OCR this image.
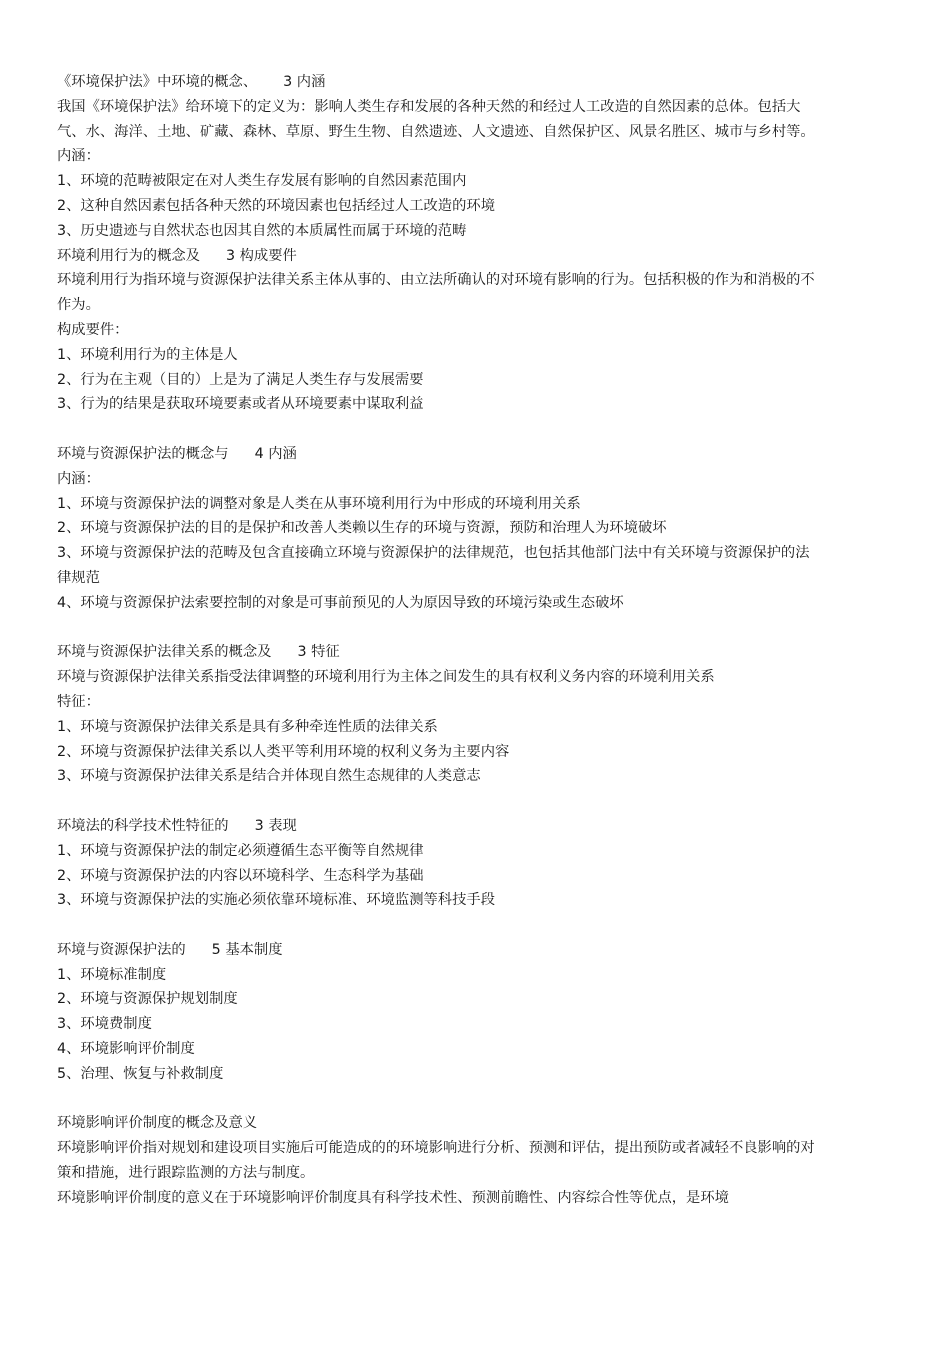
《环境保护法》中环境的概念、 3 内涵
我国《环境保护法》给环境下的定义为：影响人类生存和发展的各种天然的和经过人工改造的自然因素的总体。包括大气、水、海洋、土地、矿藏、森林、草原、野生生物、自然遗迹、人文遗迹、自然保护区、风景名胜区、城市与乡村等。
内涵：
1、环境的范畴被限定在对人类生存发展有影响的自然因素范围内
2、这种自然因素包括各种天然的环境因素也包括经过人工改造的环境
3、历史遗迹与自然状态也因其自然的本质属性而属于环境的范畴
环境利用行为的概念及 3 构成要件
环境利用行为指环境与资源保护法律关系主体从事的、由立法所确认的对环境有影响的行为。包括积极的作为和消极的不作为。
构成要件：
1、环境利用行为的主体是人
2、行为在主观（目的）上是为了满足人类生存与发展需要
3、行为的结果是获取环境要素或者从环境要素中谋取利益
环境与资源保护法的概念与 4 内涵
内涵：
1、环境与资源保护法的调整对象是人类在从事环境利用行为中形成的环境利用关系
2、环境与资源保护法的目的是保护和改善人类赖以生存的环境与资源，预防和治理人为环境破坏
3、环境与资源保护法的范畴及包含直接确立环境与资源保护的法律规范，也包括其他部门法中有关环境与资源保护的法律规范
4、环境与资源保护法索要控制的对象是可事前预见的人为原因导致的环境污染或生态破坏
环境与资源保护法律关系的概念及 3 特征
环境与资源保护法律关系指受法律调整的环境利用行为主体之间发生的具有权利义务内容的环境利用关系
特征：
1、环境与资源保护法律关系是具有多种牵连性质的法律关系
2、环境与资源保护法律关系以人类平等利用环境的权利义务为主要内容
3、环境与资源保护法律关系是结合并体现自然生态规律的人类意志
环境法的科学技术性特征的 3 表现
1、环境与资源保护法的制定必须遵循生态平衡等自然规律
2、环境与资源保护法的内容以环境科学、生态科学为基础
3、环境与资源保护法的实施必须依靠环境标准、环境监测等科技手段
环境与资源保护法的 5 基本制度
1、环境标准制度
2、环境与资源保护规划制度
3、环境费制度
4、环境影响评价制度
5、治理、恢复与补救制度
环境影响评价制度的概念及意义
环境影响评价指对规划和建设项目实施后可能造成的的环境影响进行分析、预测和评估，提出预防或者减轻不良影响的对策和措施，进行跟踪监测的方法与制度。
环境影响评价制度的意义在于环境影响评价制度具有科学技术性、预测前瞻性、内容综合性等优点，是环境
